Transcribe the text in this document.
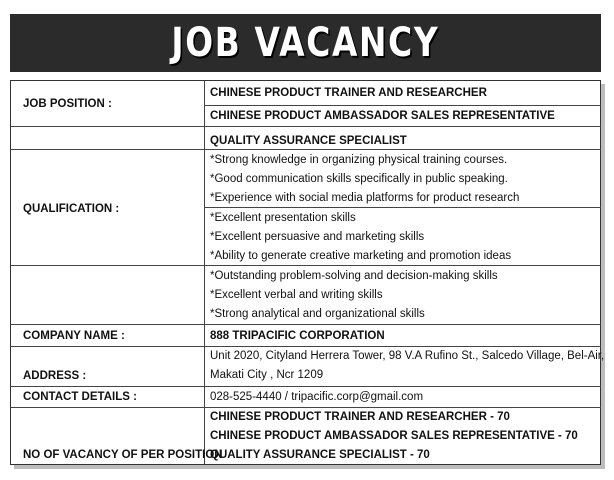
JOB VACANCY
JOB POSITION :
CHINESE PRODUCT TRAINER AND RESEARCHER
CHINESE PRODUCT AMBASSADOR SALES REPRESENTATIVE
QUALITY ASSURANCE SPECIALIST
QUALIFICATION :
*Strong knowledge in organizing physical training courses.
*Good communication skills specifically in public speaking.
*Experience with social media platforms for product research
*Excellent presentation skills
*Excellent persuasive and marketing skills
*Ability to generate creative marketing and promotion ideas
*Outstanding problem-solving and decision-making skills
*Excellent verbal and writing skills
*Strong analytical and organizational skills
COMPANY NAME :	888 TRIPACIFIC CORPORATION
ADDRESS :
Unit 2020, Cityland Herrera Tower, 98 V.A Rufino St., Salcedo Village, Bel-Air,
Makati City , Ncr 1209
CONTACT DETAILS :	028-525-4440 / tripacific.corp@gmail.com
NO OF VACANCY OF PER POSITION
CHINESE PRODUCT TRAINER AND RESEARCHER - 70
CHINESE PRODUCT AMBASSADOR SALES REPRESENTATIVE - 70
QUALITY ASSURANCE SPECIALIST - 70
